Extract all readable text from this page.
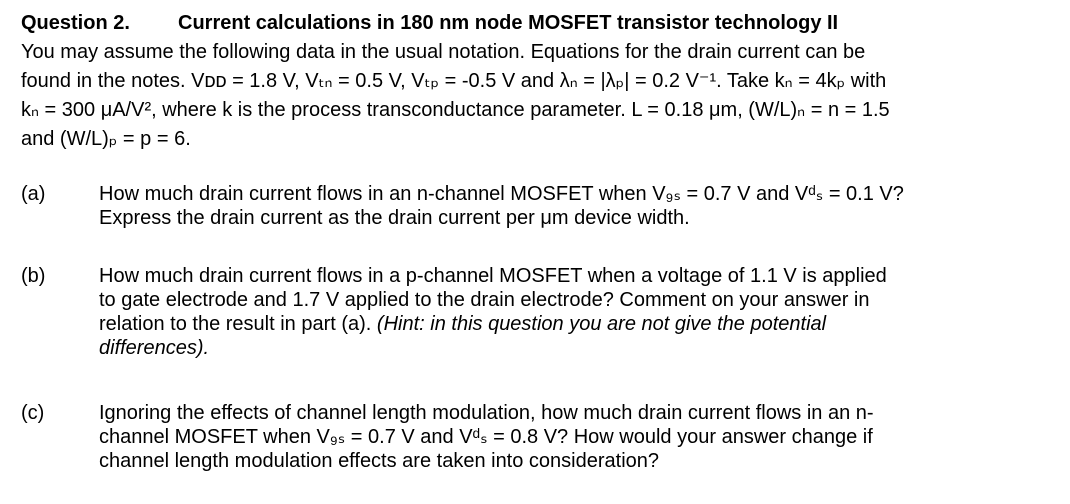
Question 2. Current calculations in 180 nm node MOSFET transistor technology II
You may assume the following data in the usual notation. Equations for the drain current can be
found in the notes. Vᴅᴅ = 1.8 V, Vₜₙ = 0.5 V, Vₜₚ = -0.5 V and λₙ = |λₚ| = 0.2 V⁻¹. Take kₙ = 4kₚ with
kₙ = 300 μA/V², where k is the process transconductance parameter. L = 0.18 μm, (W/L)ₙ = n = 1.5
and (W/L)ₚ = p = 6.
(a)	How much drain current flows in an n-channel MOSFET when V₉ₛ = 0.7 V and Vᵈₛ = 0.1 V?
Express the drain current as the drain current per μm device width.
(b)	How much drain current flows in a p-channel MOSFET when a voltage of 1.1 V is applied
to gate electrode and 1.7 V applied to the drain electrode? Comment on your answer in
relation to the result in part (a). (Hint: in this question you are not give the potential
differences).
(c)	Ignoring the effects of channel length modulation, how much drain current flows in an n-
channel MOSFET when V₉ₛ = 0.7 V and Vᵈₛ = 0.8 V? How would your answer change if
channel length modulation effects are taken into consideration?
